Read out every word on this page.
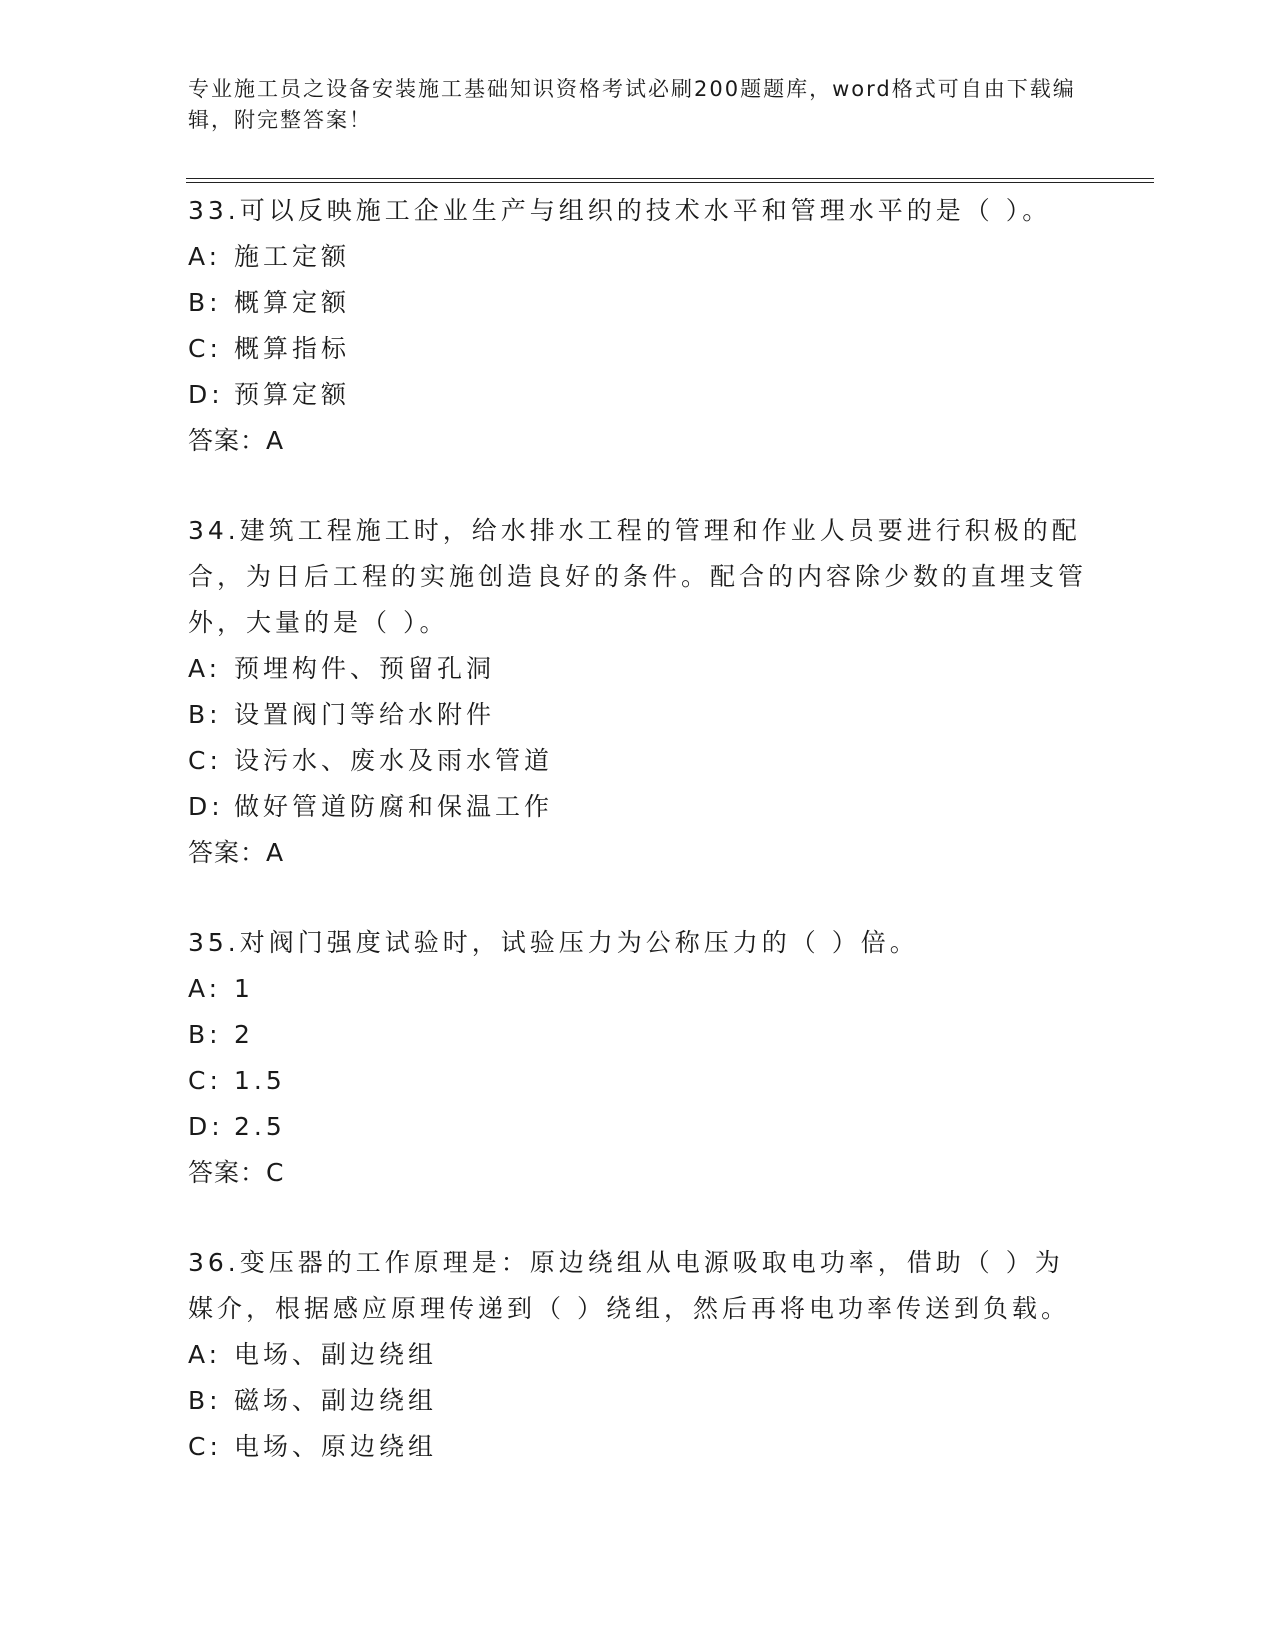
专业施工员之设备安装施工基础知识资格考试必刷200题题库，word格式可自由下载编辑，附完整答案！
33.可以反映施工企业生产与组织的技术水平和管理水平的是（ ）。
A: 施工定额
B: 概算定额
C: 概算指标
D: 预算定额
答案：A
34.建筑工程施工时，给水排水工程的管理和作业人员要进行积极的配合，为日后工程的实施创造良好的条件。配合的内容除少数的直埋支管外，大量的是（ ）。
A: 预埋构件、预留孔洞
B: 设置阀门等给水附件
C: 设污水、废水及雨水管道
D: 做好管道防腐和保温工作
答案：A
35.对阀门强度试验时，试验压力为公称压力的（ ）倍。
A: 1
B: 2
C: 1.5
D: 2.5
答案：C
36.变压器的工作原理是：原边绕组从电源吸取电功率，借助（ ）为媒介，根据感应原理传递到（ ）绕组，然后再将电功率传送到负载。
A: 电场、副边绕组
B: 磁场、副边绕组
C: 电场、原边绕组
